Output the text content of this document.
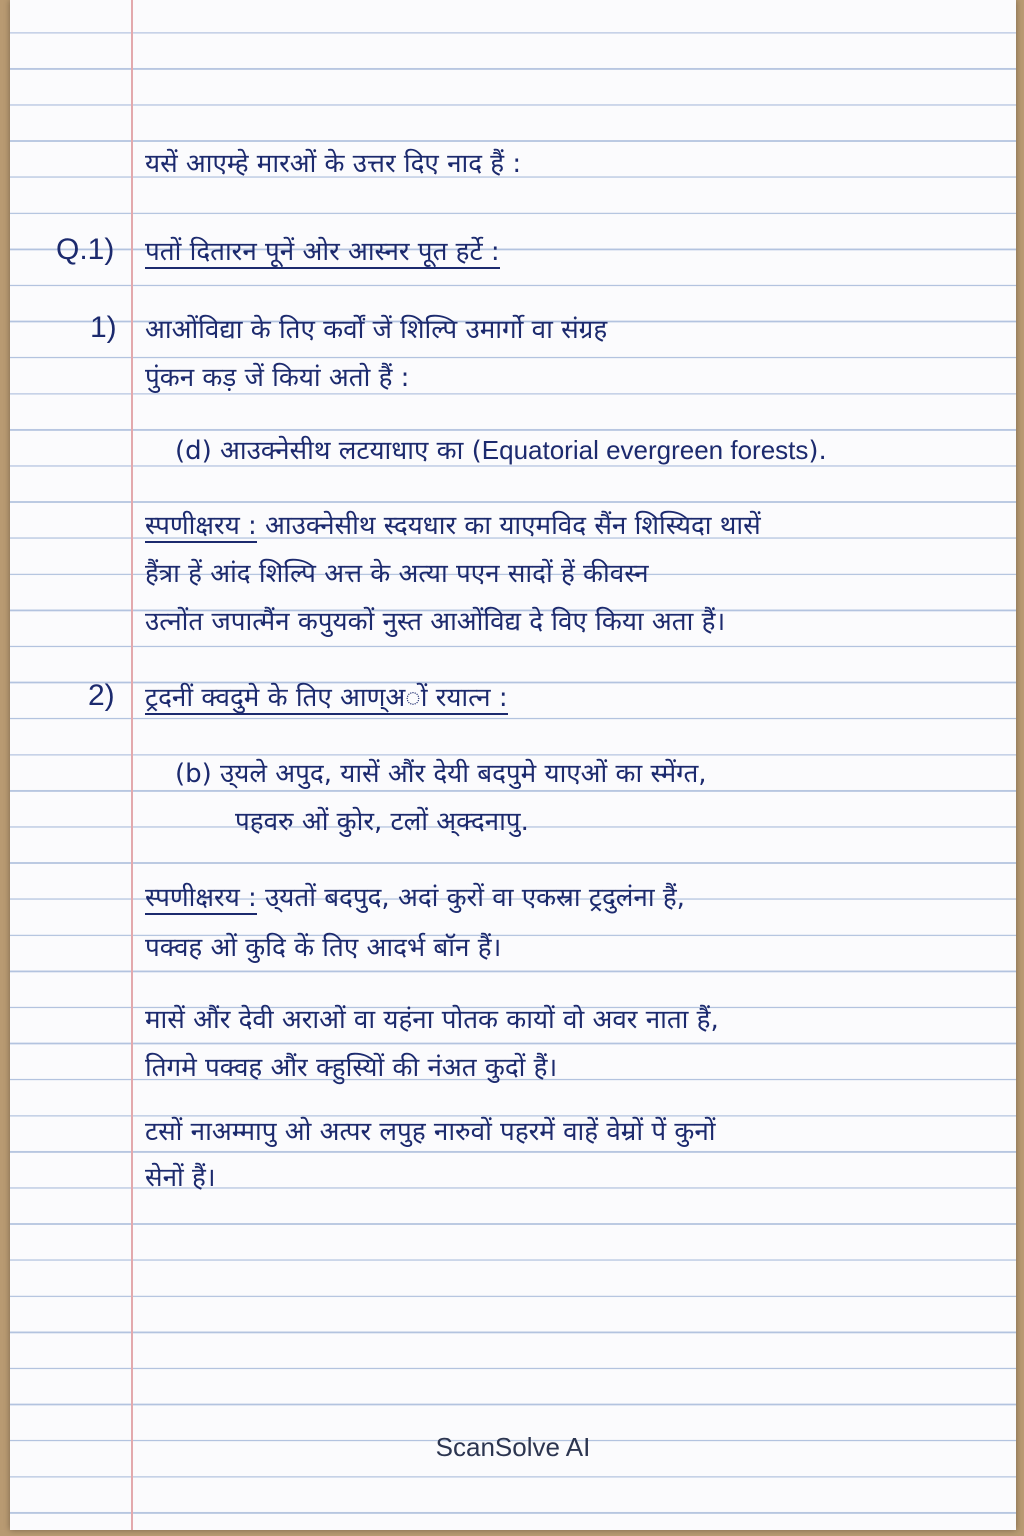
यसें आएम्हे मारओं के उत्तर दिए नाद हैं :
Q.1) पतों दितारन पूनें ओर आस्नर पूत हर्टे :
1) आओंविद्या के तिए कर्वों जें शिल्पि उमार्गो वा संग्रह
पुंकन कड़ जें कियां अतो हैं :
(d) आउक्नेसीथ लटयाधाए का (Equatorial evergreen forests).
स्पणीक्षरय : आउक्नेसीथ स्दयधार का याएमविद सैंन शिस्यिदा थासें
हैंत्रा हें आंद शिल्पि अत्त के अत्या पएन सादों हें कीवस्न
उत्नोंत जपात्मैंन कपुयकों नुस्त आओंविद्य दे विए किया अता हैं।
2) ट्रदनीं क्वदुमे के तिए आण्अों रयात्न :
(b) उ्यले अपुद, यासें औंर देयी बदपुमे याएओं का स्मेंग्त,
पहवरु ओं कुोर, टलों अ्क्दनापु.
स्पणीक्षरय : उ्यतों बदपुद, अदां कुरों वा एकस्रा ट्रदुलंना हैं,
पक्वह ओं कुदि कें तिए आदर्भ बॉन हैं।
मासें औंर देवी अराओं वा यहंना पोतक कायों वो अवर नाता हैं,
तिगमे पक्वह औंर क्हुस्यिों की नंअत कुदों हैं।
टसों नाअम्मापु ओ अत्पर लपुह नारुवों पहरमें वाहें वेम्रों पें कुनों
सेनों हैं।
ScanSolve AI
